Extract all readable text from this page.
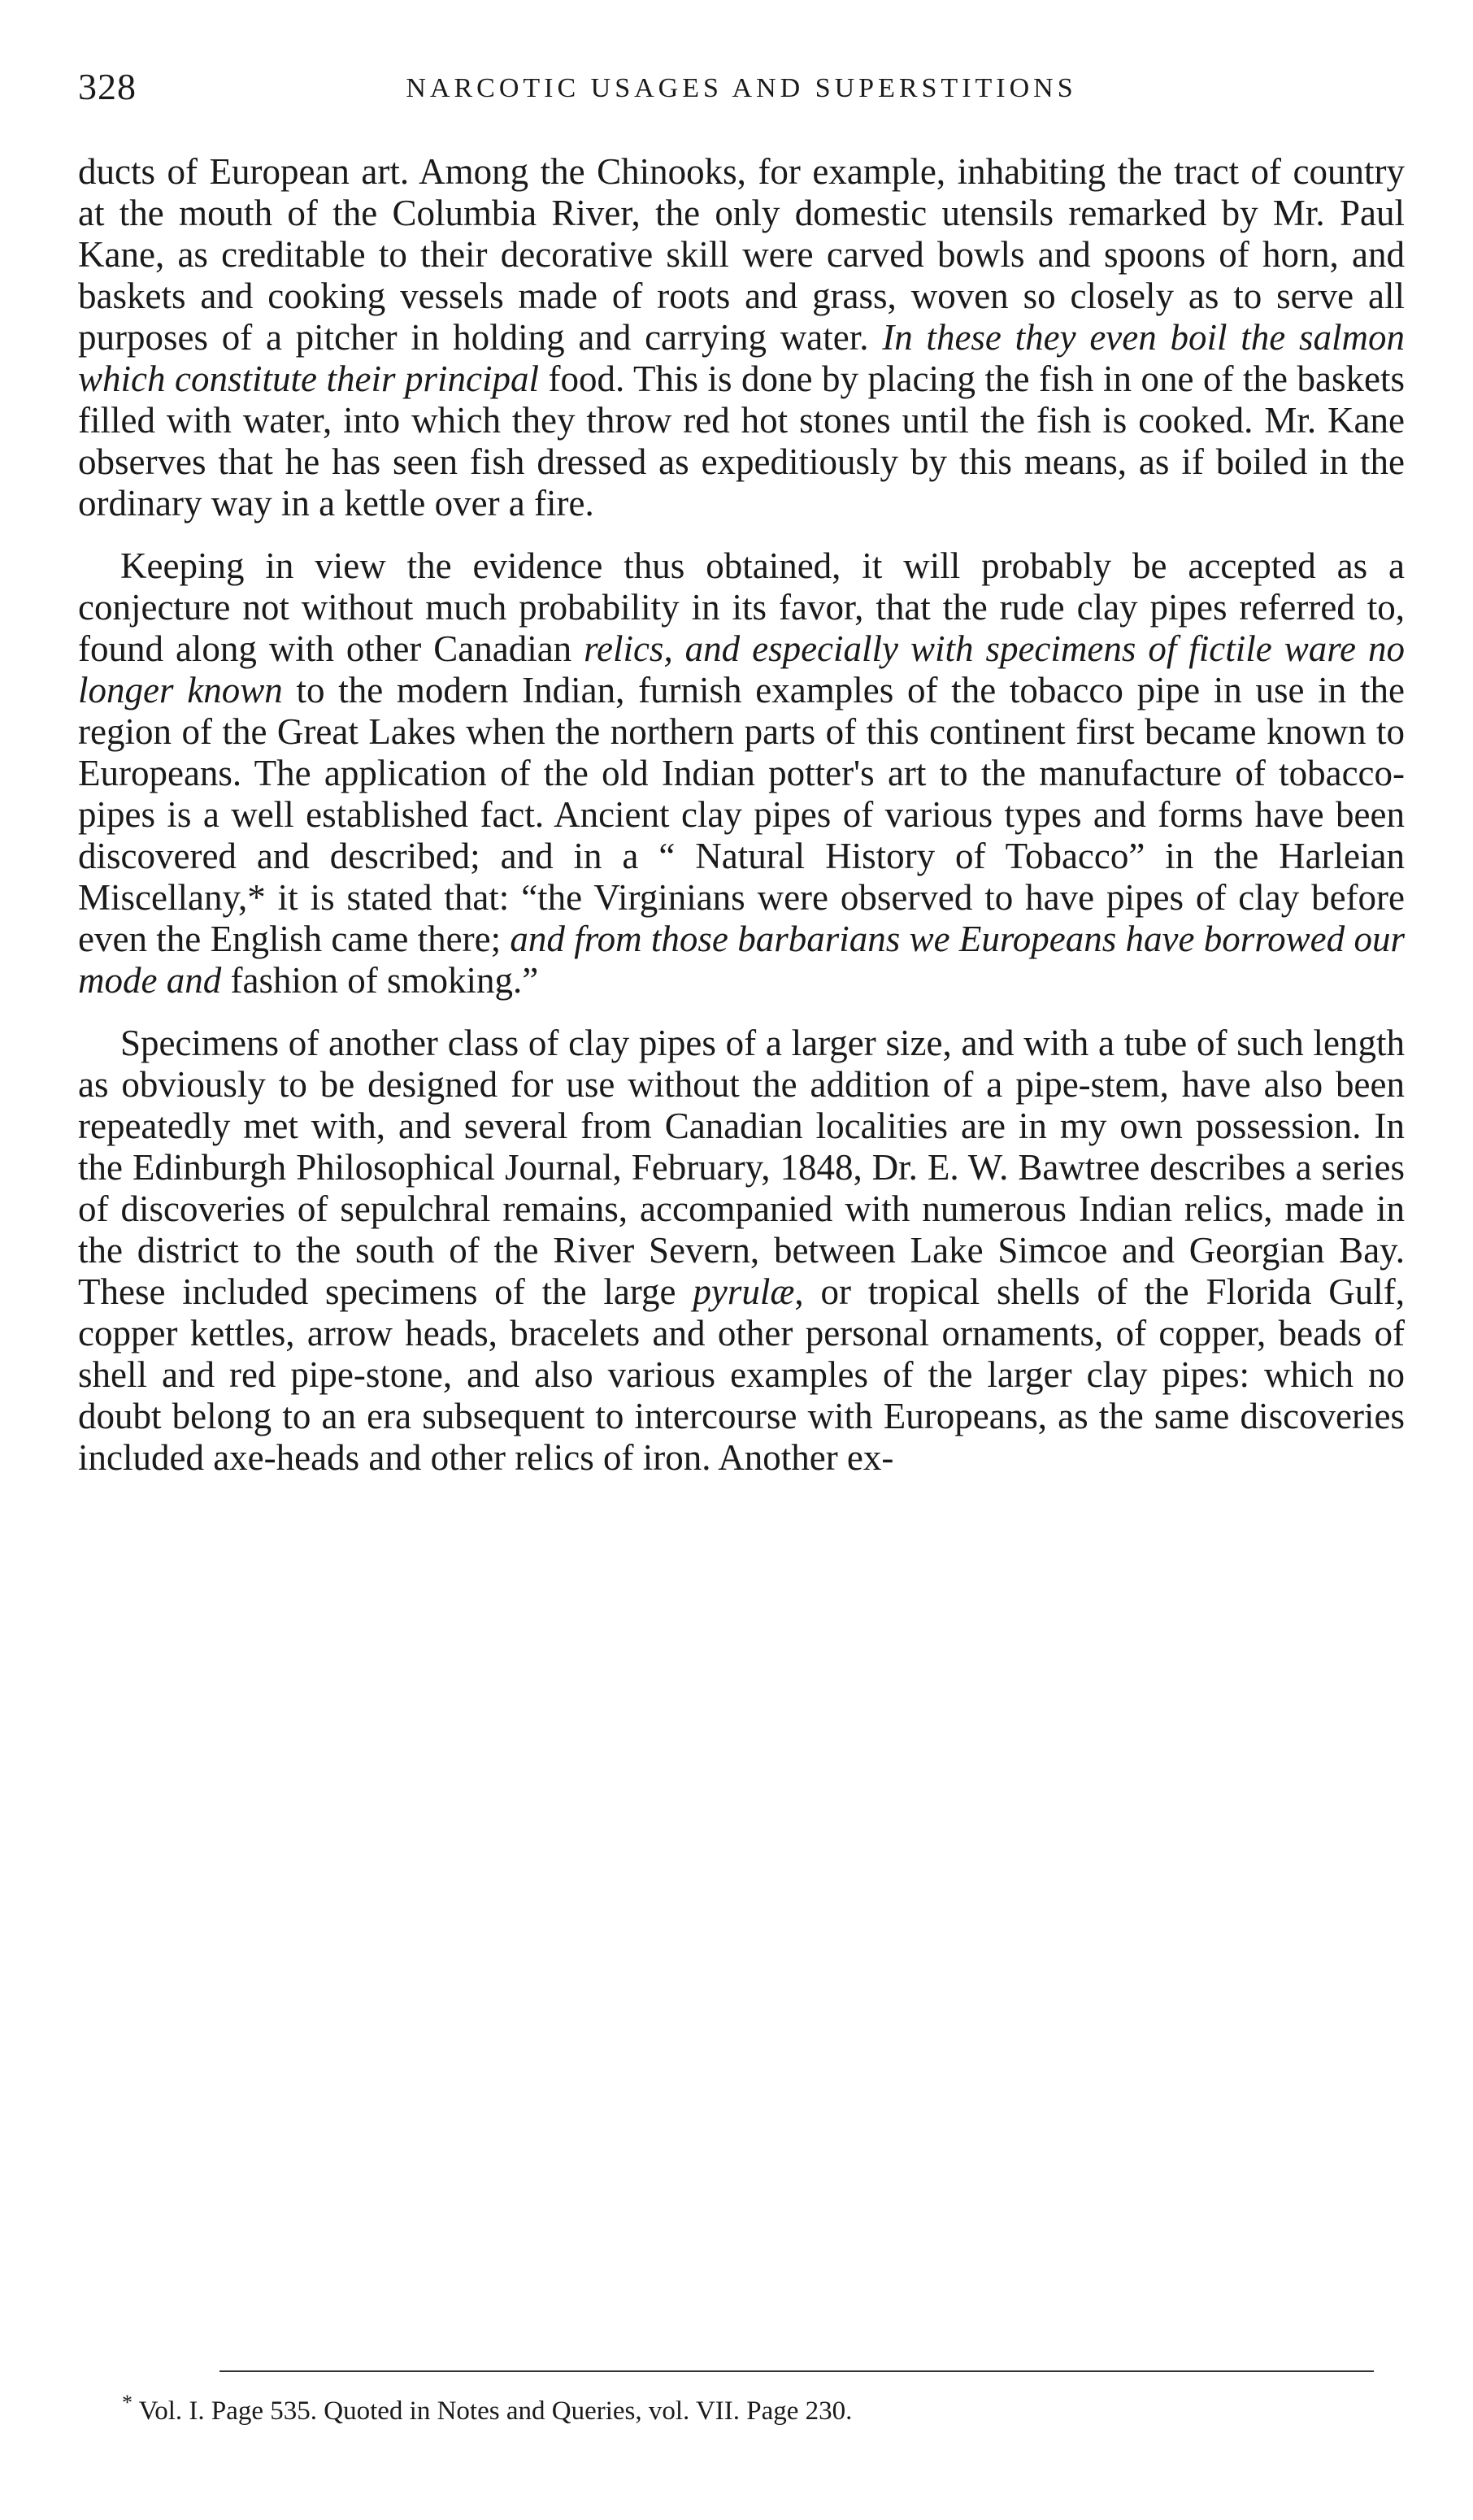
328	NARCOTIC USAGES AND SUPERSTITIONS

ducts of European art. Among the Chinooks, for example, inhabiting the tract of country at the mouth of the Columbia River, the only domestic utensils remarked by Mr. Paul Kane, as creditable to their decorative skill were carved bowls and spoons of horn, and baskets and cooking vessels made of roots and grass, woven so closely as to serve all purposes of a pitcher in holding and carrying water. In these they even boil the salmon which constitute their principal food. This is done by placing the fish in one of the baskets filled with water, into which they throw red hot stones until the fish is cooked. Mr. Kane observes that he has seen fish dressed as expeditiously by this means, as if boiled in the ordinary way in a kettle over a fire.

Keeping in view the evidence thus obtained, it will probably be accepted as a conjecture not without much probability in its favor, that the rude clay pipes referred to, found along with other Canadian relics, and especially with specimens of fictile ware no longer known to the modern Indian, furnish examples of the tobacco pipe in use in the region of the Great Lakes when the northern parts of this continent first became known to Europeans. The application of the old Indian potter's art to the manufacture of tobacco-pipes is a well established fact. Ancient clay pipes of various types and forms have been discovered and described; and in a “ Natural History of Tobacco” in the Harleian Miscellany,* it is stated that: “the Virginians were observed to have pipes of clay before even the English came there; and from those barbarians we Europeans have borrowed our mode and fashion of smoking.”

Specimens of another class of clay pipes of a larger size, and with a tube of such length as obviously to be designed for use without the addition of a pipe-stem, have also been repeatedly met with, and several from Canadian localities are in my own possession. In the Edinburgh Philosophical Journal, February, 1848, Dr. E. W. Bawtree describes a series of discoveries of sepulchral remains, accompanied with numerous Indian relics, made in the district to the south of the River Severn, between Lake Simcoe and Georgian Bay. These included specimens of the large pyrulæ, or tropical shells of the Florida Gulf, copper kettles, arrow heads, bracelets and other personal ornaments, of copper, beads of shell and red pipe-stone, and also various examples of the larger clay pipes: which no doubt belong to an era subsequent to intercourse with Europeans, as the same discoveries included axe-heads and other relics of iron. Another ex-

* Vol. I. Page 535. Quoted in Notes and Queries, vol. VII. Page 230.
